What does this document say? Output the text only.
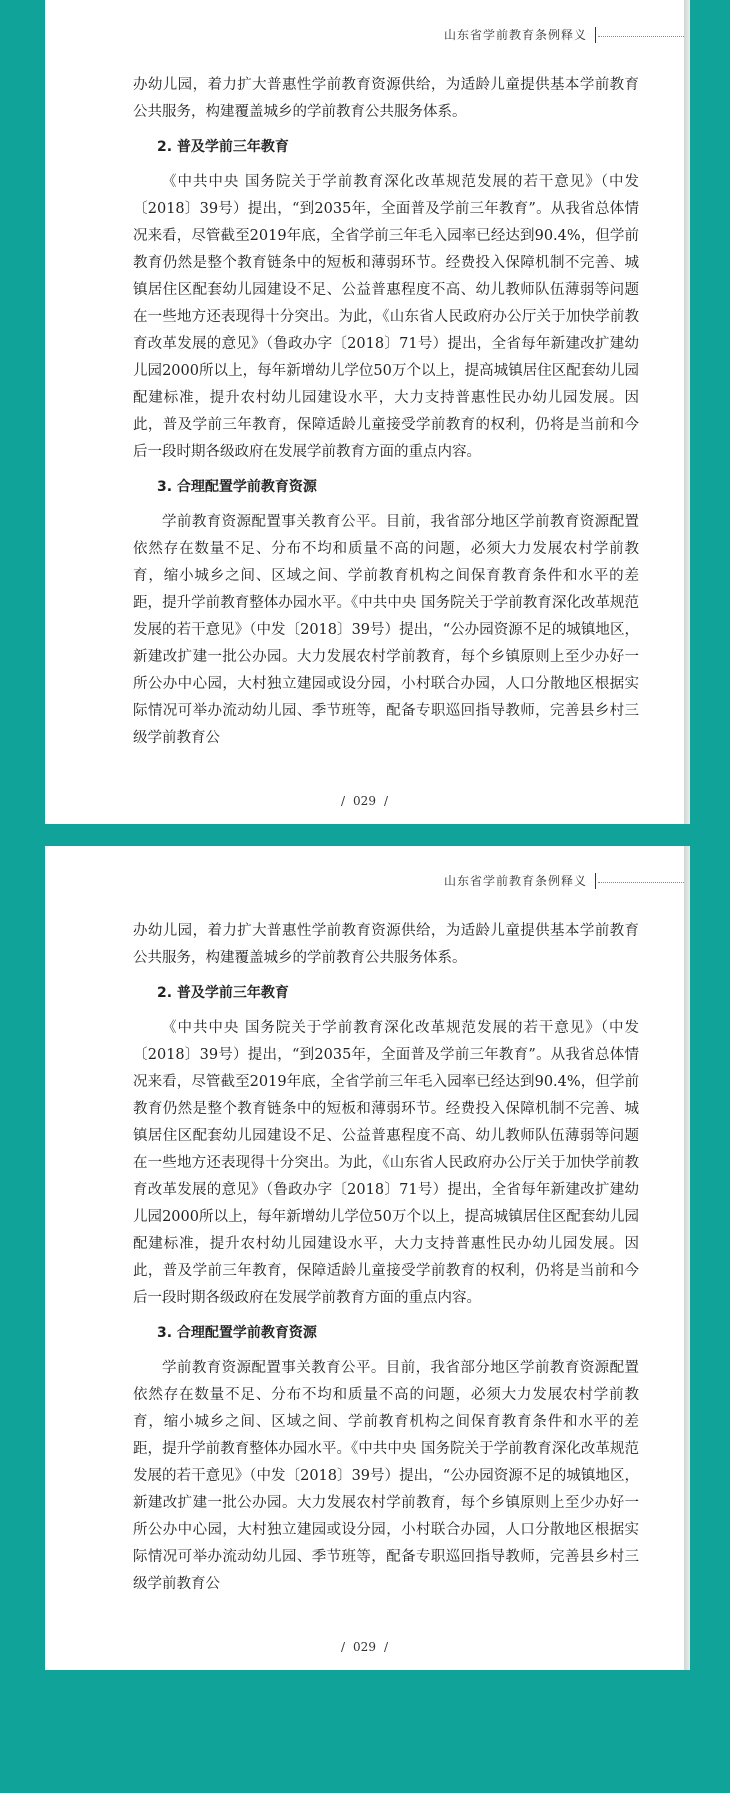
山东省学前教育条例释义

办幼儿园，着力扩大普惠性学前教育资源供给，为适龄儿童提供基本学前教育公共服务，构建覆盖城乡的学前教育公共服务体系。

2. 普及学前三年教育

《中共中央 国务院关于学前教育深化改革规范发展的若干意见》（中发〔2018〕39号）提出，“到2035年，全面普及学前三年教育”。从我省总体情况来看，尽管截至2019年底，全省学前三年毛入园率已经达到90.4%，但学前教育仍然是整个教育链条中的短板和薄弱环节。经费投入保障机制不完善、城镇居住区配套幼儿园建设不足、公益普惠程度不高、幼儿教师队伍薄弱等问题在一些地方还表现得十分突出。为此，《山东省人民政府办公厅关于加快学前教育改革发展的意见》（鲁政办字〔2018〕71号）提出，全省每年新建改扩建幼儿园2000所以上，每年新增幼儿学位50万个以上，提高城镇居住区配套幼儿园配建标准，提升农村幼儿园建设水平，大力支持普惠性民办幼儿园发展。因此，普及学前三年教育，保障适龄儿童接受学前教育的权利，仍将是当前和今后一段时期各级政府在发展学前教育方面的重点内容。

3. 合理配置学前教育资源

学前教育资源配置事关教育公平。目前，我省部分地区学前教育资源配置依然存在数量不足、分布不均和质量不高的问题，必须大力发展农村学前教育，缩小城乡之间、区域之间、学前教育机构之间保育教育条件和水平的差距，提升学前教育整体办园水平。《中共中央 国务院关于学前教育深化改革规范发展的若干意见》（中发〔2018〕39号）提出，“公办园资源不足的城镇地区，新建改扩建一批公办园。大力发展农村学前教育，每个乡镇原则上至少办好一所公办中心园，大村独立建园或设分园，小村联合办园，人口分散地区根据实际情况可举办流动幼儿园、季节班等，配备专职巡回指导教师，完善县乡村三级学前教育公

/ 029 /
山东省学前教育条例释义

办幼儿园，着力扩大普惠性学前教育资源供给，为适龄儿童提供基本学前教育公共服务，构建覆盖城乡的学前教育公共服务体系。

2. 普及学前三年教育

《中共中央 国务院关于学前教育深化改革规范发展的若干意见》（中发〔2018〕39号）提出，“到2035年，全面普及学前三年教育”。从我省总体情况来看，尽管截至2019年底，全省学前三年毛入园率已经达到90.4%，但学前教育仍然是整个教育链条中的短板和薄弱环节。经费投入保障机制不完善、城镇居住区配套幼儿园建设不足、公益普惠程度不高、幼儿教师队伍薄弱等问题在一些地方还表现得十分突出。为此，《山东省人民政府办公厅关于加快学前教育改革发展的意见》（鲁政办字〔2018〕71号）提出，全省每年新建改扩建幼儿园2000所以上，每年新增幼儿学位50万个以上，提高城镇居住区配套幼儿园配建标准，提升农村幼儿园建设水平，大力支持普惠性民办幼儿园发展。因此，普及学前三年教育，保障适龄儿童接受学前教育的权利，仍将是当前和今后一段时期各级政府在发展学前教育方面的重点内容。

3. 合理配置学前教育资源

学前教育资源配置事关教育公平。目前，我省部分地区学前教育资源配置依然存在数量不足、分布不均和质量不高的问题，必须大力发展农村学前教育，缩小城乡之间、区域之间、学前教育机构之间保育教育条件和水平的差距，提升学前教育整体办园水平。《中共中央 国务院关于学前教育深化改革规范发展的若干意见》（中发〔2018〕39号）提出，“公办园资源不足的城镇地区，新建改扩建一批公办园。大力发展农村学前教育，每个乡镇原则上至少办好一所公办中心园，大村独立建园或设分园，小村联合办园，人口分散地区根据实际情况可举办流动幼儿园、季节班等，配备专职巡回指导教师，完善县乡村三级学前教育公

/ 029 /
